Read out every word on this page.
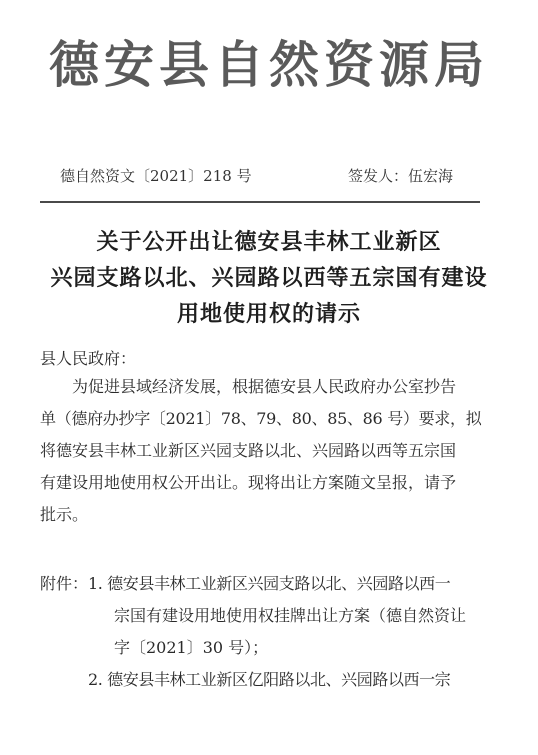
德安县自然资源局
德自然资文〔2021〕218 号	签发人：伍宏海
关于公开出让德安县丰林工业新区
兴园支路以北、兴园路以西等五宗国有建设
用地使用权的请示
县人民政府：
为促进县域经济发展，根据德安县人民政府办公室抄告
单（德府办抄字〔2021〕78、79、80、85、86 号）要求，拟
将德安县丰林工业新区兴园支路以北、兴园路以西等五宗国
有建设用地使用权公开出让。现将出让方案随文呈报，请予
批示。
附件： 1. 德安县丰林工业新区兴园支路以北、兴园路以西一
宗国有建设用地使用权挂牌出让方案（德自然资让
字〔2021〕30 号）；
2. 德安县丰林工业新区亿阳路以北、兴园路以西一宗
